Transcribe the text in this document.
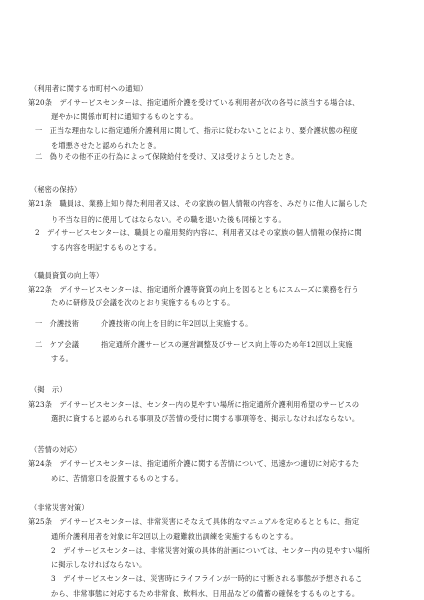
（利用者に関する市町村への通知）
第20条　デイサービスセンターは、指定通所介護を受けている利用者が次の各号に該当する場合は、
遅やかに関係市町村に通知するものとする。
一　正当な理由なしに指定通所介護利用に関して、指示に従わないことにより、要介護状態の程度
を増悪させたと認められたとき。
二　偽りその他不正の行為によって保険給付を受け、又は受けようとしたとき。
（秘密の保持）
第21条　職員は、業務上知り得た利用者又は、その家族の個人情報の内容を、みだりに他人に漏らした
り不当な目的に使用してはならない。その職を退いた後も同様とする。
2　デイサービスセンターは、職員との雇用契約内容に、利用者又はその家族の個人情報の保持に関
する内容を明記するものとする。
（職員資質の向上等）
第22条　デイサービスセンターは、指定通所介護等資質の向上を図るとともにスムーズに業務を行う
ために研修及び会議を次のとおり実施するものとする。
一　介護技術　　　介護技術の向上を目的に年2回以上実施する。
二　ケア会議　　　指定通所介護サービスの運営調整及びサービス向上等のため年12回以上実施
する。
（掲　示）
第23条　デイサービスセンターは、センター内の見やすい場所に指定通所介護利用希望のサービスの
選択に資すると認められる事項及び苦情の受付に関する事項等を、掲示しなければならない。
（苦情の対応）
第24条　デイサービスセンターは、指定通所介護に関する苦情について、迅速かつ適切に対応するた
めに、苦情窓口を設置するものとする。
（非常災害対策）
第25条　デイサービスセンターは、非常災害にそなえて具体的なマニュアルを定めるとともに、指定
通所介護利用者を対象に年2回以上の避難救出訓練を実施するものとする。
2　デイサービスセンターは、非常災害対策の具体的計画については、センター内の見やすい場所
に掲示しなければならない。
3　デイサービスセンターは、災害時にライフラインが一時的に寸断される事態が予想されるこ
から、非常事態に対応するため非常食、飲料水、日用品などの備蓄の確保をするものとする。
